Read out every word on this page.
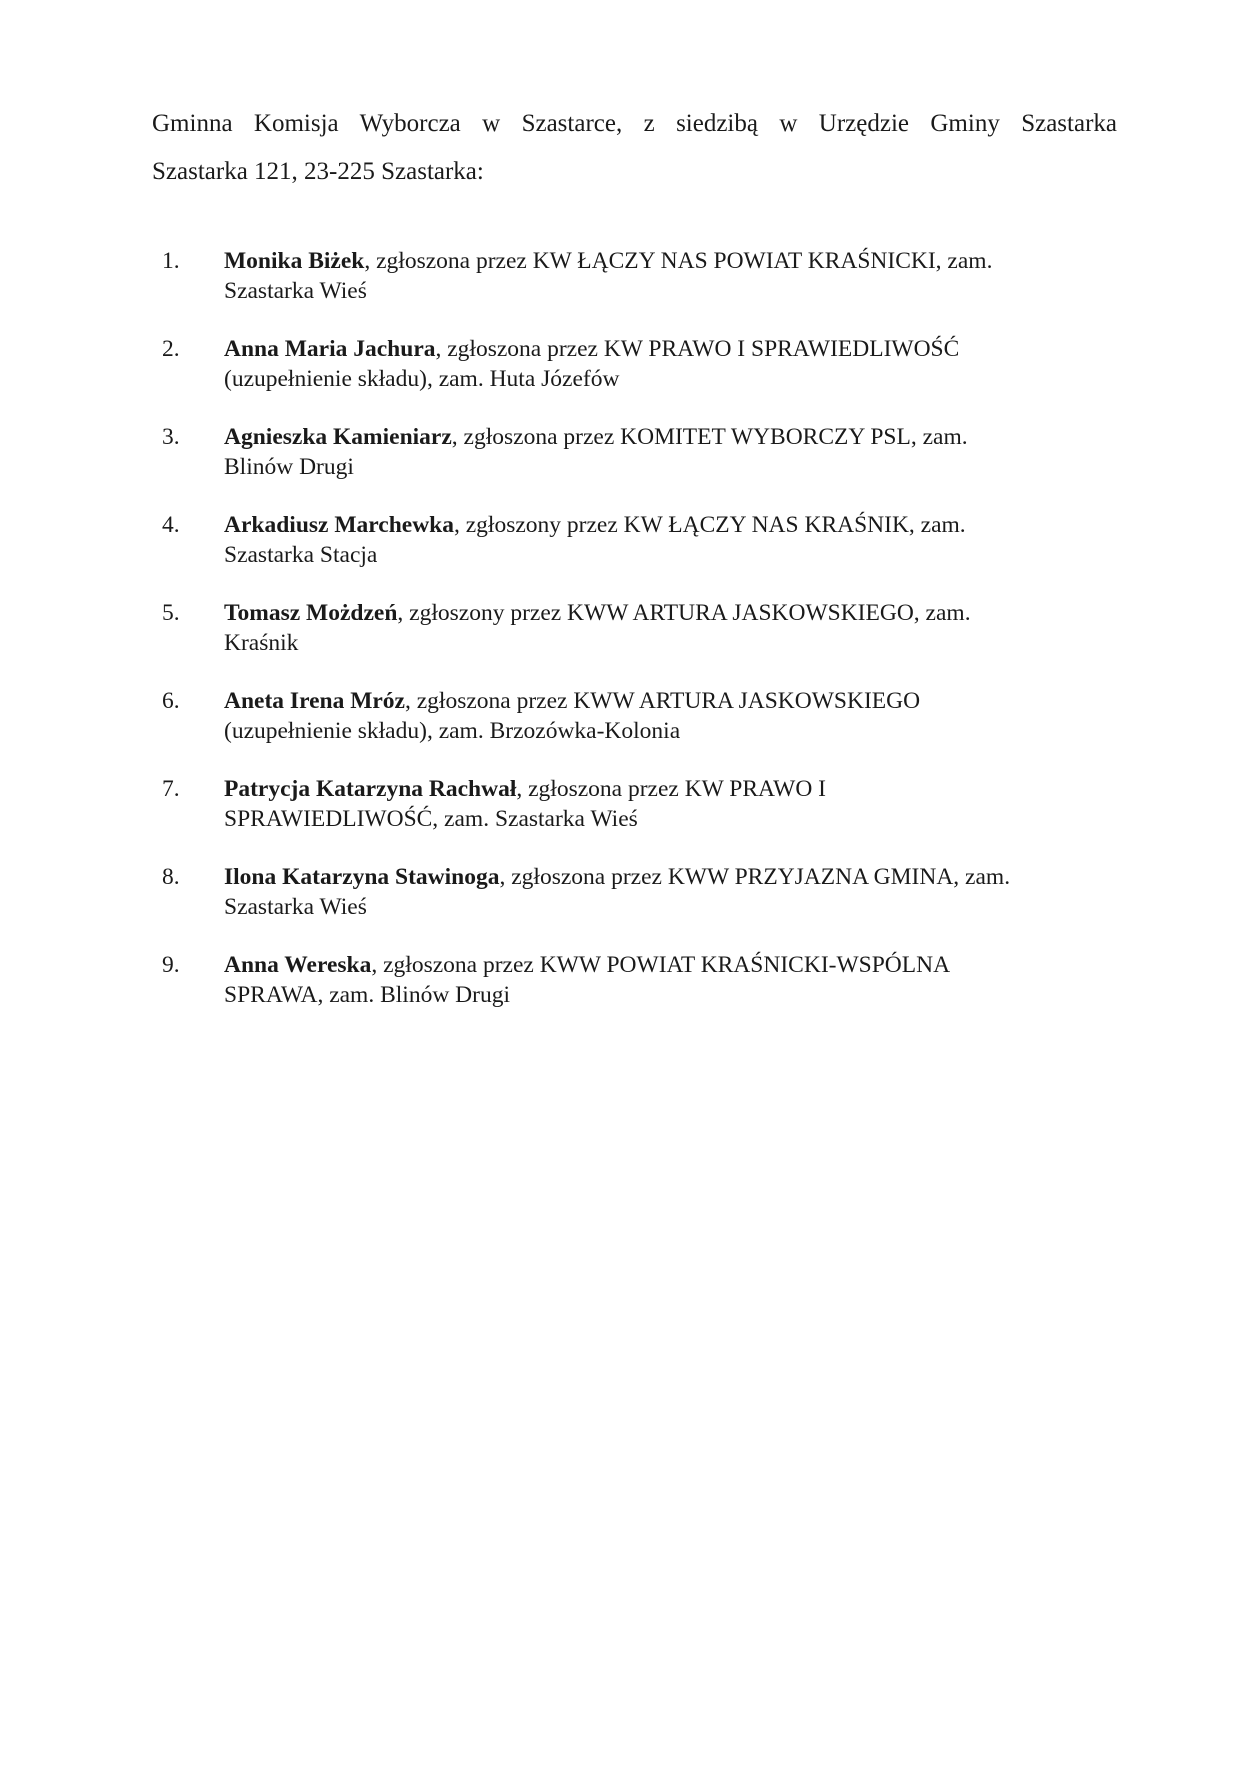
Gminna Komisja Wyborcza w Szastarce, z siedzibą w Urzędzie Gminy Szastarka
Szastarka 121, 23-225 Szastarka:
1.	Monika Biżek, zgłoszona przez KW ŁĄCZY NAS POWIAT KRAŚNICKI, zam.
Szastarka Wieś
2.	Anna Maria Jachura, zgłoszona przez KW PRAWO I SPRAWIEDLIWOŚĆ
(uzupełnienie składu), zam. Huta Józefów
3.	Agnieszka Kamieniarz, zgłoszona przez KOMITET WYBORCZY PSL, zam.
Blinów Drugi
4.	Arkadiusz Marchewka, zgłoszony przez KW ŁĄCZY NAS KRAŚNIK, zam.
Szastarka Stacja
5.	Tomasz Możdzeń, zgłoszony przez KWW ARTURA JASKOWSKIEGO, zam.
Kraśnik
6.	Aneta Irena Mróz, zgłoszona przez KWW ARTURA JASKOWSKIEGO
(uzupełnienie składu), zam. Brzozówka-Kolonia
7.	Patrycja Katarzyna Rachwał, zgłoszona przez KW PRAWO I
SPRAWIEDLIWOŚĆ, zam. Szastarka Wieś
8.	Ilona Katarzyna Stawinoga, zgłoszona przez KWW PRZYJAZNA GMINA, zam.
Szastarka Wieś
9.	Anna Wereska, zgłoszona przez KWW POWIAT KRAŚNICKI-WSPÓLNA
SPRAWA, zam. Blinów Drugi
